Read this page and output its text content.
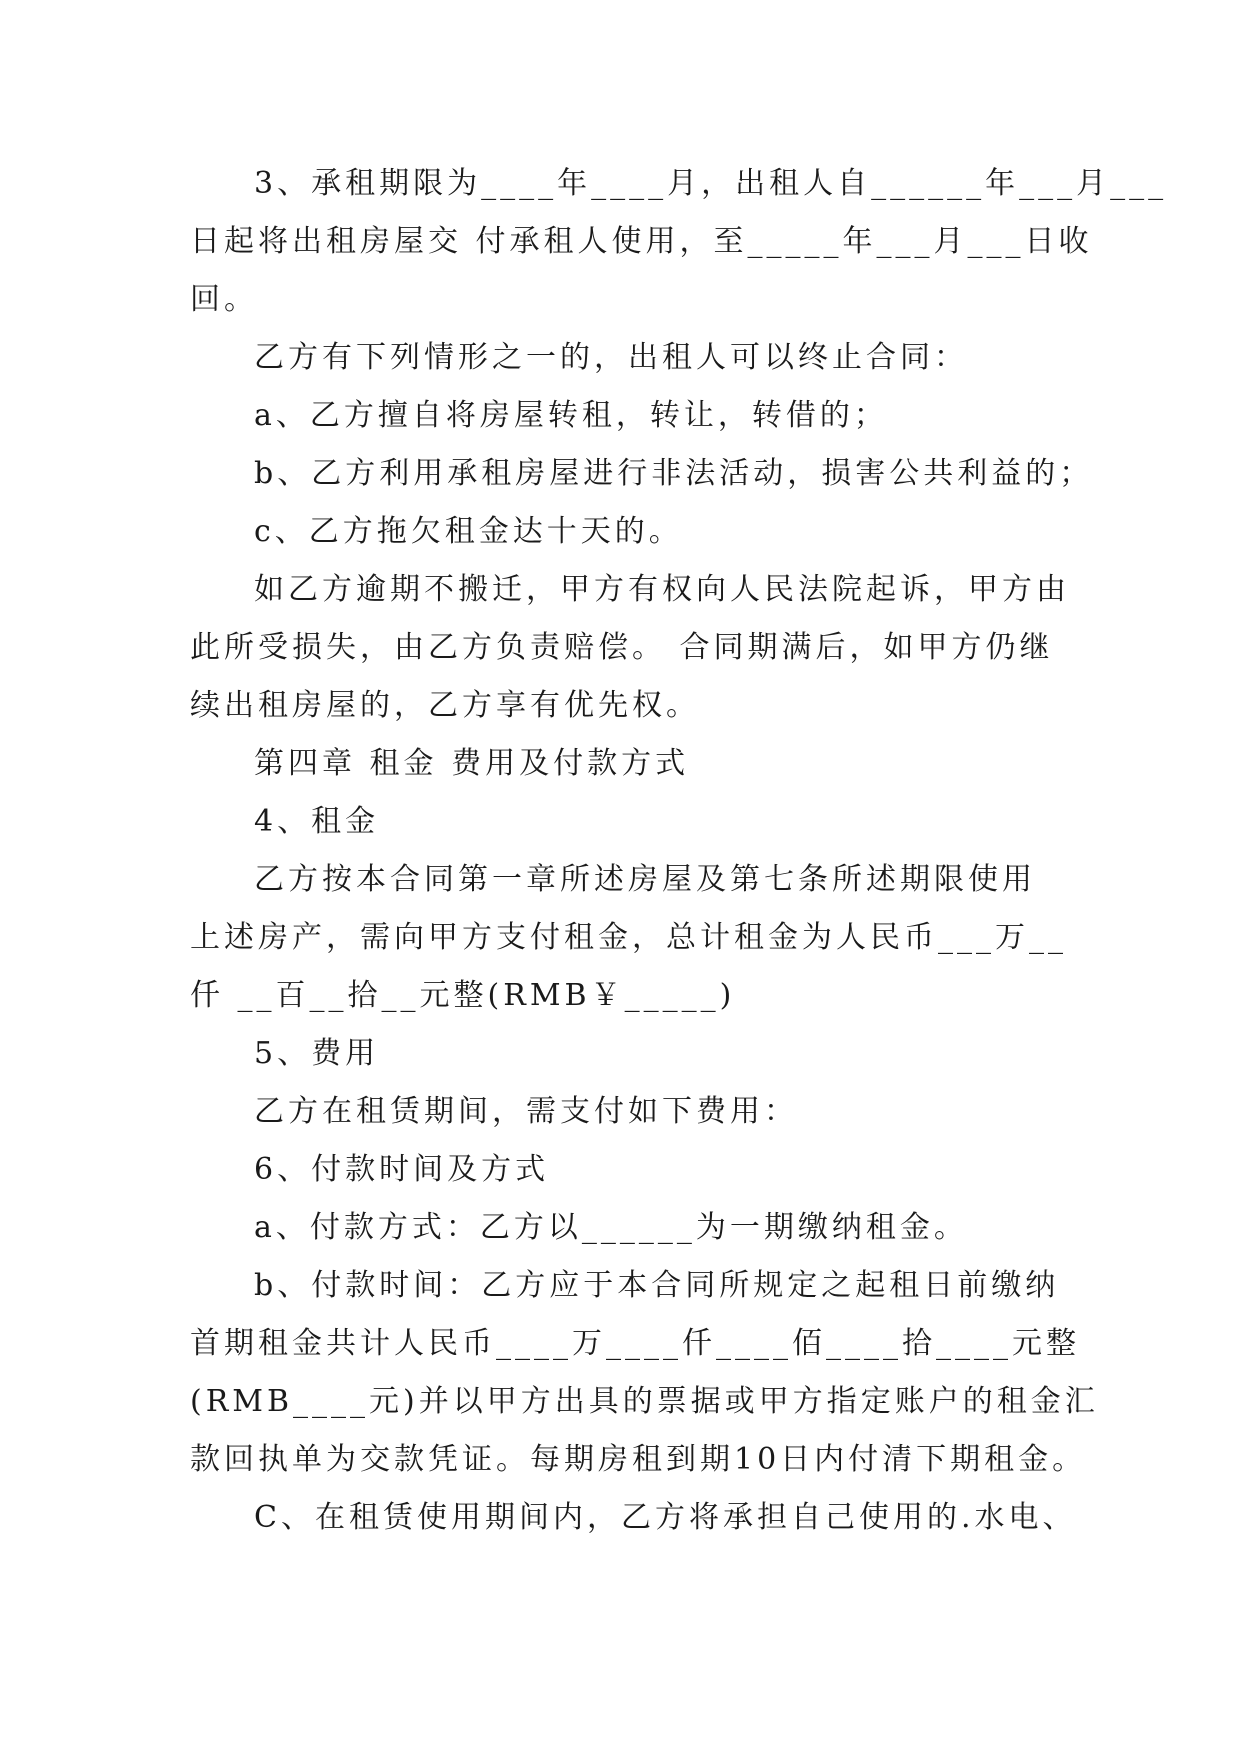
3、承租期限为____年____月，出租人自______年___月___
日起将出租房屋交 付承租人使用，至_____年___月___日收
回。
乙方有下列情形之一的，出租人可以终止合同：
a、乙方擅自将房屋转租，转让，转借的；
b、乙方利用承租房屋进行非法活动，损害公共利益的；
c、乙方拖欠租金达十天的。
如乙方逾期不搬迁，甲方有权向人民法院起诉，甲方由
此所受损失，由乙方负责赔偿。 合同期满后，如甲方仍继
续出租房屋的，乙方享有优先权。
第四章 租金 费用及付款方式
4、租金
乙方按本合同第一章所述房屋及第七条所述期限使用
上述房产，需向甲方支付租金，总计租金为人民币___万__
仟 __百__拾__元整(RMB￥_____)
5、费用
乙方在租赁期间，需支付如下费用：
6、付款时间及方式
a、付款方式：乙方以______为一期缴纳租金。
b、付款时间：乙方应于本合同所规定之起租日前缴纳
首期租金共计人民币____万____仟____佰____拾____元整
(RMB____元)并以甲方出具的票据或甲方指定账户的租金汇
款回执单为交款凭证。每期房租到期10日内付清下期租金。
C、在租赁使用期间内，乙方将承担自己使用的.水电、
